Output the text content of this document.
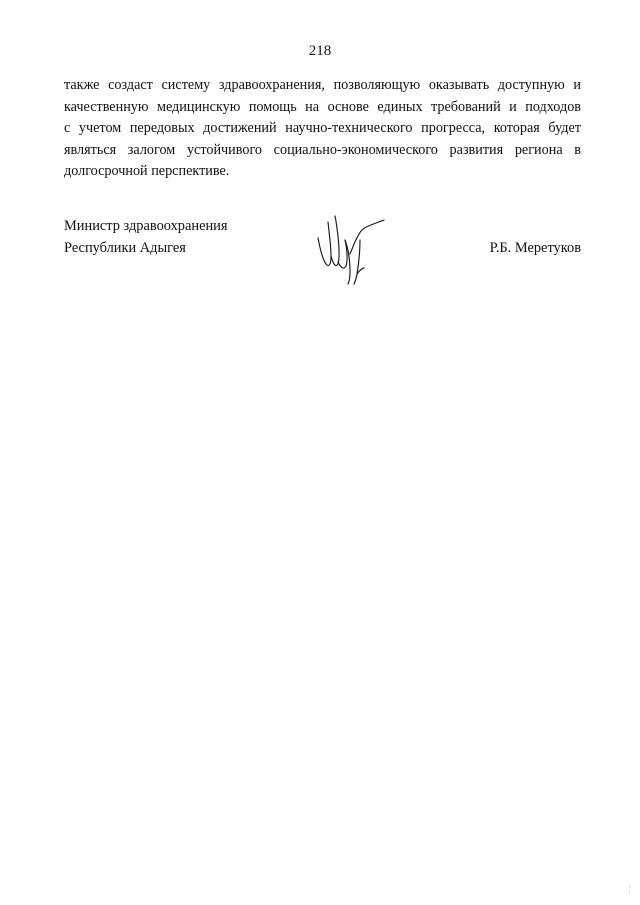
218

также создаст систему здравоохранения, позволяющую оказывать доступную и
качественную медицинскую помощь на основе единых требований и подходов
с учетом передовых достижений научно-технического прогресса, которая будет
являться залогом устойчивого социально-экономического развития региона в
долгосрочной перспективе.

Министр здравоохранения
Республики Адыгея	Р.Б. Меретуков
¦
